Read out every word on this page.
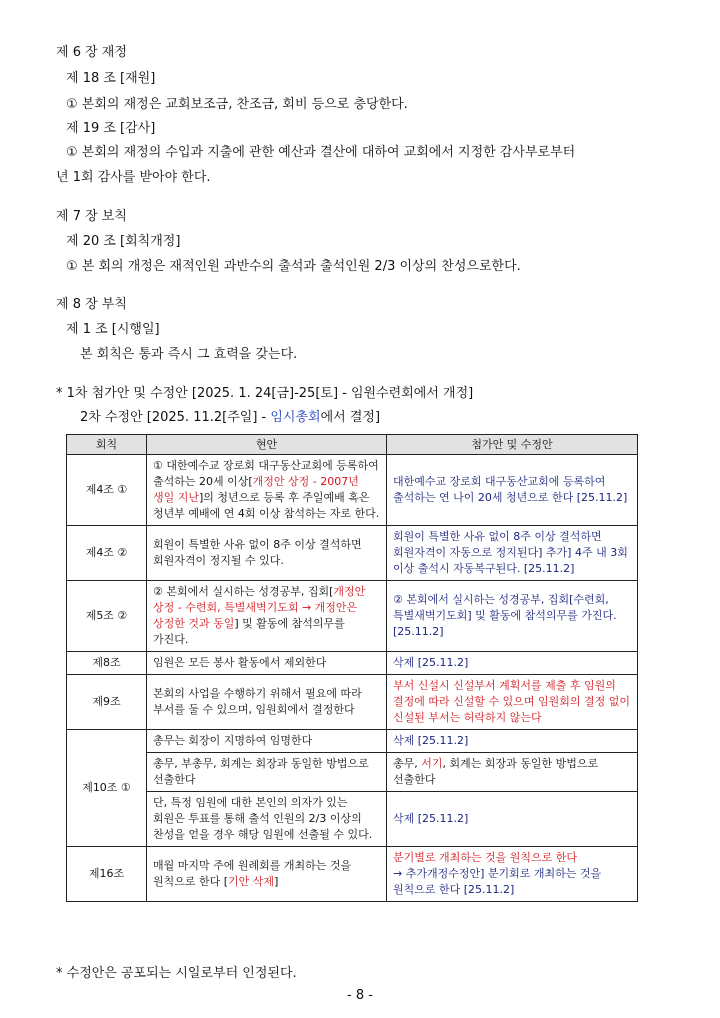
제 6 장 재정
제 18 조 [재원]
① 본회의 재정은 교회보조금, 찬조금, 회비 등으로 충당한다.
제 19 조 [감사]
① 본회의 재정의 수입과 지출에 관한 예산과 결산에 대하여 교회에서 지정한 감사부로부터
년 1회 감사를 받아야 한다.
제 7 장 보칙
제 20 조 [회칙개정]
① 본 회의 개정은 재적인원 과반수의 출석과 출석인원 2/3 이상의 찬성으로한다.
제 8 장 부칙
제 1 조 [시행일]
본 회칙은 통과 즉시 그 효력을 갖는다.
* 1차 첨가안 및 수정안 [2025. 1. 24[금]-25[토] - 임원수련회에서 개정]
2차 수정안 [2025. 11.2[주일] - 임시총회에서 결정]
회칙	현안	첨가안 및 수정안
제4조 ①	① 대한예수교 장로회 대구동산교회에 등록하여 출석하는 20세 이상[개정안 상정 - 2007년 생일 지난]의 청년으로 등록 후 주일예배 혹은 청년부 예배에 연 4회 이상 참석하는 자로 한다.	대한예수교 장로회 대구동산교회에 등록하여 출석하는 연 나이 20세 청년으로 한다 [25.11.2]
제4조 ②	회원이 특별한 사유 없이 8주 이상 결석하면 회원자격이 정지될 수 있다.	회원이 특별한 사유 없이 8주 이상 결석하면 회원자격이 자동으로 정지된다] 추가] 4주 내 3회 이상 출석시 자동복구된다. [25.11.2]
제5조 ②	② 본회에서 실시하는 성경공부, 집회[개정안 상정 - 수련회, 특별새벽기도회 → 개정안은 상정한 것과 동일] 및 활동에 참석의무를 가진다.	② 본회에서 실시하는 성경공부, 집회[수련회, 특별새벽기도회] 및 활동에 참석의무를 가진다. [25.11.2]
제8조	임원은 모든 봉사 활동에서 제외한다	삭제 [25.11.2]
제9조	본회의 사업을 수행하기 위해서 필요에 따라 부서를 둘 수 있으며, 임원회에서 결정한다	부서 신설시 신설부서 계획서를 제출 후 임원의 결정에 따라 신설할 수 있으며 임원회의 결정 없이 신설된 부서는 허락하지 않는다
제10조 ①	총무는 회장이 지명하여 임명한다	삭제 [25.11.2]
	총무, 부총무, 회계는 회장과 동일한 방법으로 선출한다	총무, 서기, 회계는 회장과 동일한 방법으로 선출한다
	단, 특정 임원에 대한 본인의 의자가 있는 회원은 투표를 통해 출석 인원의 2/3 이상의 찬성을 얻을 경우 해당 임원에 선출될 수 있다.	삭제 [25.11.2]
제16조	매월 마지막 주에 원례회를 개최하는 것을 원칙으로 한다 [기안 삭제]	분기별로 개최하는 것을 원칙으로 한다
→ 추가개정수정안] 분기회로 개최하는 것을 원칙으로 한다 [25.11.2]
* 수정안은 공포되는 시일로부터 인정된다.
- 8 -
